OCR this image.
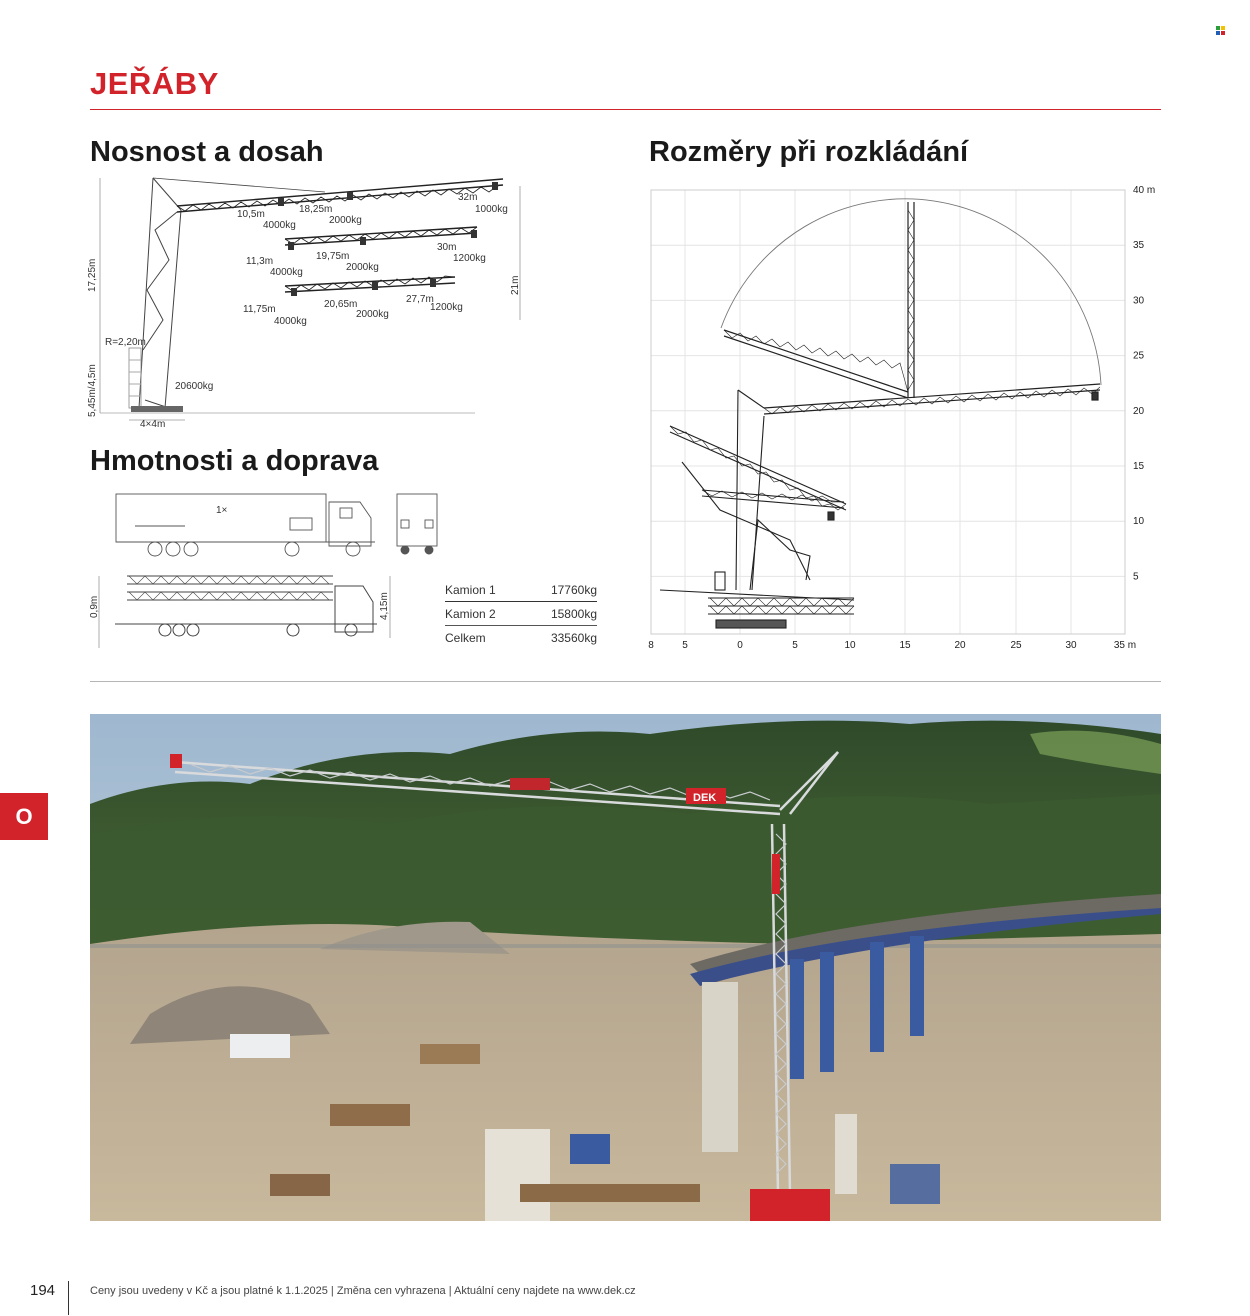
JEŘÁBY
Nosnost a dosah
10,5m
4000kg
18,25m
2000kg
32m
1000kg
11,3m
4000kg
19,75m
2000kg
30m
1200kg
11,75m
4000kg
20,65m
2000kg
27,7m
1200kg
17,25m	21m
5,45m/4,5m
R=2,20m
20600kg
4×4m
Hmotnosti a doprava
1×
0,9m	4,15m
Kamion 1	17760kg
Kamion 2	15800kg
Celkem	33560kg
Rozměry při rozkládání
8	5	0	5	10	15	20	25	30	35 m
40 m
35
30
25
20
15
10
5
DEK
O
194	Ceny jsou uvedeny v Kč a jsou platné k 1.1.2025 | Změna cen vyhrazena | Aktuální ceny najdete na www.dek.cz
